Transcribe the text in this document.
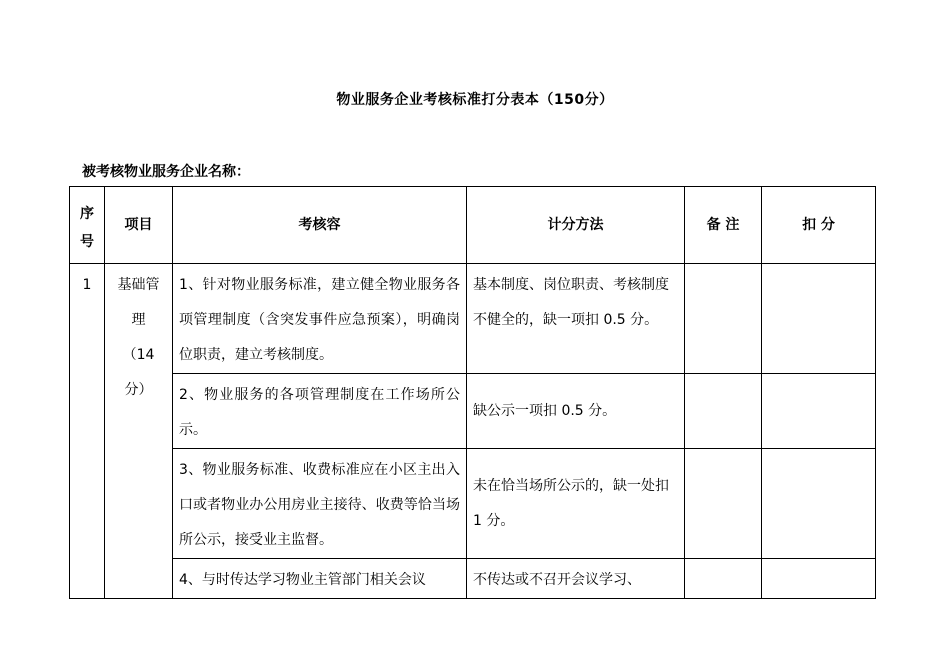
物业服务企业考核标准打分表本（150分）
被考核物业服务企业名称：
序
号	项目	考核容	计分方法	备 注	扣 分
1	基础管
理
（14
分）	1、针对物业服务标准，建立健全物业服务各项管理制度（含突发事件应急预案），明确岗位职责，建立考核制度。	基本制度、岗位职责、考核制度不健全的，缺一项扣 0.5 分。		
		2、物业服务的各项管理制度在工作场所公示。	缺公示一项扣 0.5 分。		
		3、物业服务标准、收费标准应在小区主出入口或者物业办公用房业主接待、收费等恰当场所公示，接受业主监督。	未在恰当场所公示的，缺一处扣 1 分。		
		4、与时传达学习物业主管部门相关会议	不传达或不召开会议学习、		
